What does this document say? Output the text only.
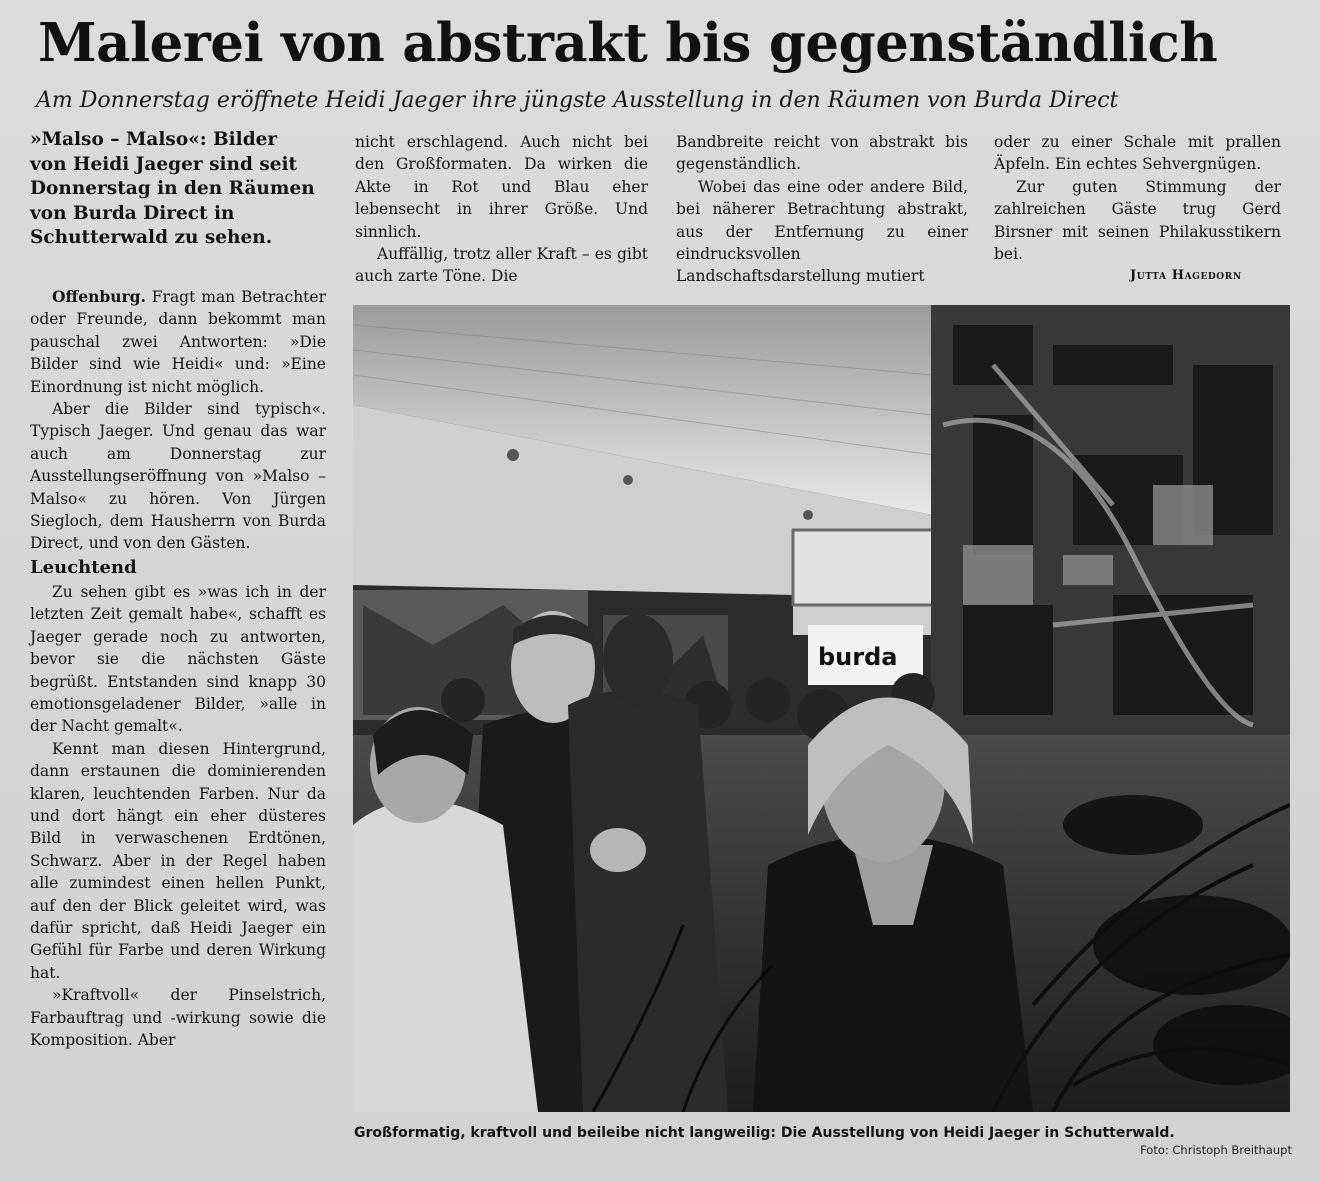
Malerei von abstrakt bis gegenständlich
Am Donnerstag eröffnete Heidi Jaeger ihre jüngste Ausstellung in den Räumen von Burda Direct
»Malso – Malso«: Bilder von Heidi Jaeger sind seit Donnerstag in den Räumen von Burda Direct in Schutterwald zu sehen.

Offenburg. Fragt man Betrachter oder Freunde, dann bekommt man pauschal zwei Antworten: »Die Bilder sind wie Heidi« und: »Eine Einordnung ist nicht möglich.

Aber die Bilder sind typisch«. Typisch Jaeger. Und genau das war auch am Donnerstag zur Ausstellungseröffnung von »Malso – Malso« zu hören. Von Jürgen Siegloch, dem Hausherrn von Burda Direct, und von den Gästen.

Leuchtend

Zu sehen gibt es »was ich in der letzten Zeit gemalt habe«, schafft es Jaeger gerade noch zu antworten, bevor sie die nächsten Gäste begrüßt. Entstanden sind knapp 30 emotionsgeladener Bilder, »alle in der Nacht gemalt«.

Kennt man diesen Hintergrund, dann erstaunen die dominierenden klaren, leuchtenden Farben. Nur da und dort hängt ein eher düsteres Bild in verwaschenen Erdtönen, Schwarz. Aber in der Regel haben alle zumindest einen hellen Punkt, auf den der Blick geleitet wird, was dafür spricht, daß Heidi Jaeger ein Gefühl für Farbe und deren Wirkung hat.

»Kraftvoll« der Pinselstrich, Farbauftrag und -wirkung sowie die Komposition. Aber

nicht erschlagend. Auch nicht bei den Großformaten. Da wirken die Akte in Rot und Blau eher lebensecht in ihrer Größe. Und sinnlich.

Auffällig, trotz aller Kraft – es gibt auch zarte Töne. Die

Bandbreite reicht von abstrakt bis gegenständlich.

Wobei das eine oder andere Bild, bei näherer Betrachtung abstrakt, aus der Entfernung zu einer eindrucksvollen Landschaftsdarstellung mutiert

oder zu einer Schale mit prallen Äpfeln. Ein echtes Sehvergnügen.

Zur guten Stimmung der zahlreichen Gäste trug Gerd Birsner mit seinen Philakusstikern bei.

Jutta Hagedorn
burda
Großformatig, kraftvoll und beileibe nicht langweilig: Die Ausstellung von Heidi Jaeger in Schutterwald.
Foto: Christoph Breithaupt
